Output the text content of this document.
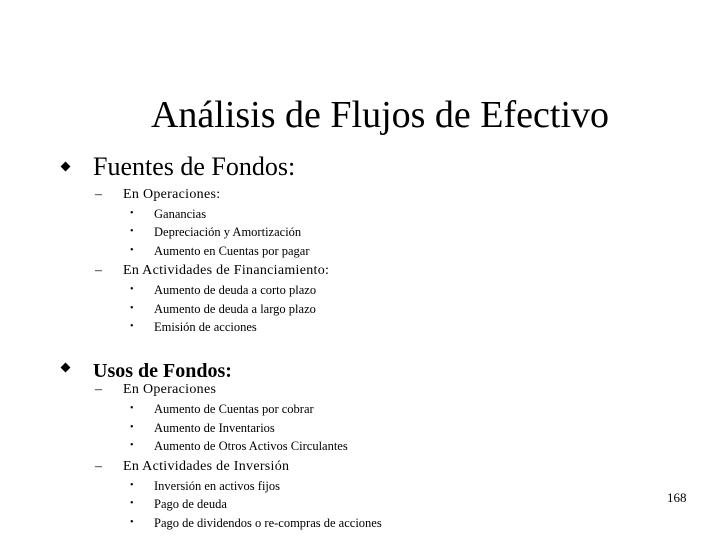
Análisis de Flujos de Efectivo
Fuentes de Fondos:
– En Operaciones:
• Ganancias
• Depreciación y Amortización
• Aumento en Cuentas por pagar
– En Actividades de Financiamiento:
• Aumento de deuda a corto plazo
• Aumento de deuda a largo plazo
• Emisión de acciones
Usos de Fondos:
– En Operaciones
• Aumento de Cuentas por cobrar
• Aumento de Inventarios
• Aumento de Otros Activos Circulantes
– En Actividades de Inversión
• Inversión en activos fijos
• Pago de deuda
• Pago de dividendos o re-compras de acciones
168
